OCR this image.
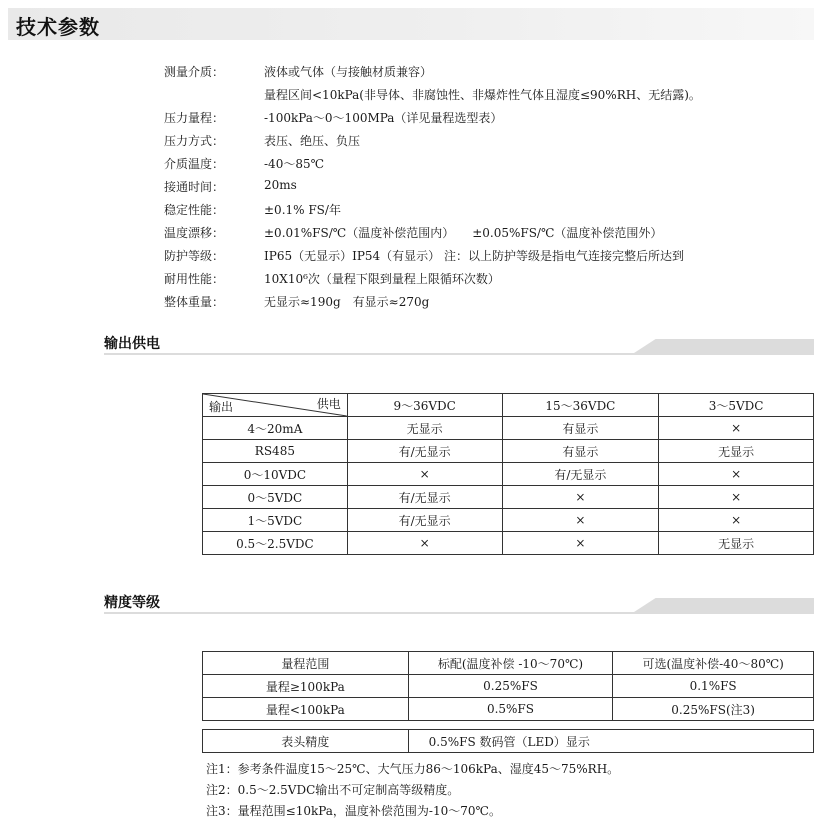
技术参数
测量介质：	液体或气体（与接触材质兼容）
量程区间<10kPa(非导体、非腐蚀性、非爆炸性气体且湿度≤90%RH、无结露)。
压力量程：	-100kPa～0～100MPa（详见量程选型表）
压力方式：	表压、绝压、负压
介质温度：	-40～85℃
接通时间：	20ms
稳定性能：	±0.1% FS/年
温度漂移：	±0.01%FS/℃（温度补偿范围内）　　±0.05%FS/℃（温度补偿范围外）
防护等级：	IP65（无显示）IP54（有显示） 注：以上防护等级是指电气连接完整后所达到
耐用性能：	10X10⁶次（量程下限到量程上限循环次数）
整体重量：	无显示≈190g　有显示≈270g
输出供电
供电
输出	9～36VDC	15～36VDC	3～5VDC
4～20mA	无显示	有显示	×
RS485	有/无显示	有显示	无显示
0～10VDC	×	有/无显示	×
0～5VDC	有/无显示	×	×
1～5VDC	有/无显示	×	×
0.5～2.5VDC	×	×	无显示
精度等级
量程范围	标配(温度补偿 -10～70℃)	可选(温度补偿-40～80℃)
量程≥100kPa	0.25%FS	0.1%FS
量程<100kPa	0.5%FS	0.25%FS(注3)
表头精度	0.5%FS 数码管（LED）显示
注1：参考条件温度15～25℃、大气压力86～106kPa、湿度45～75%RH。
注2：0.5～2.5VDC输出不可定制高等级精度。
注3：量程范围≤10kPa，温度补偿范围为-10～70℃。
